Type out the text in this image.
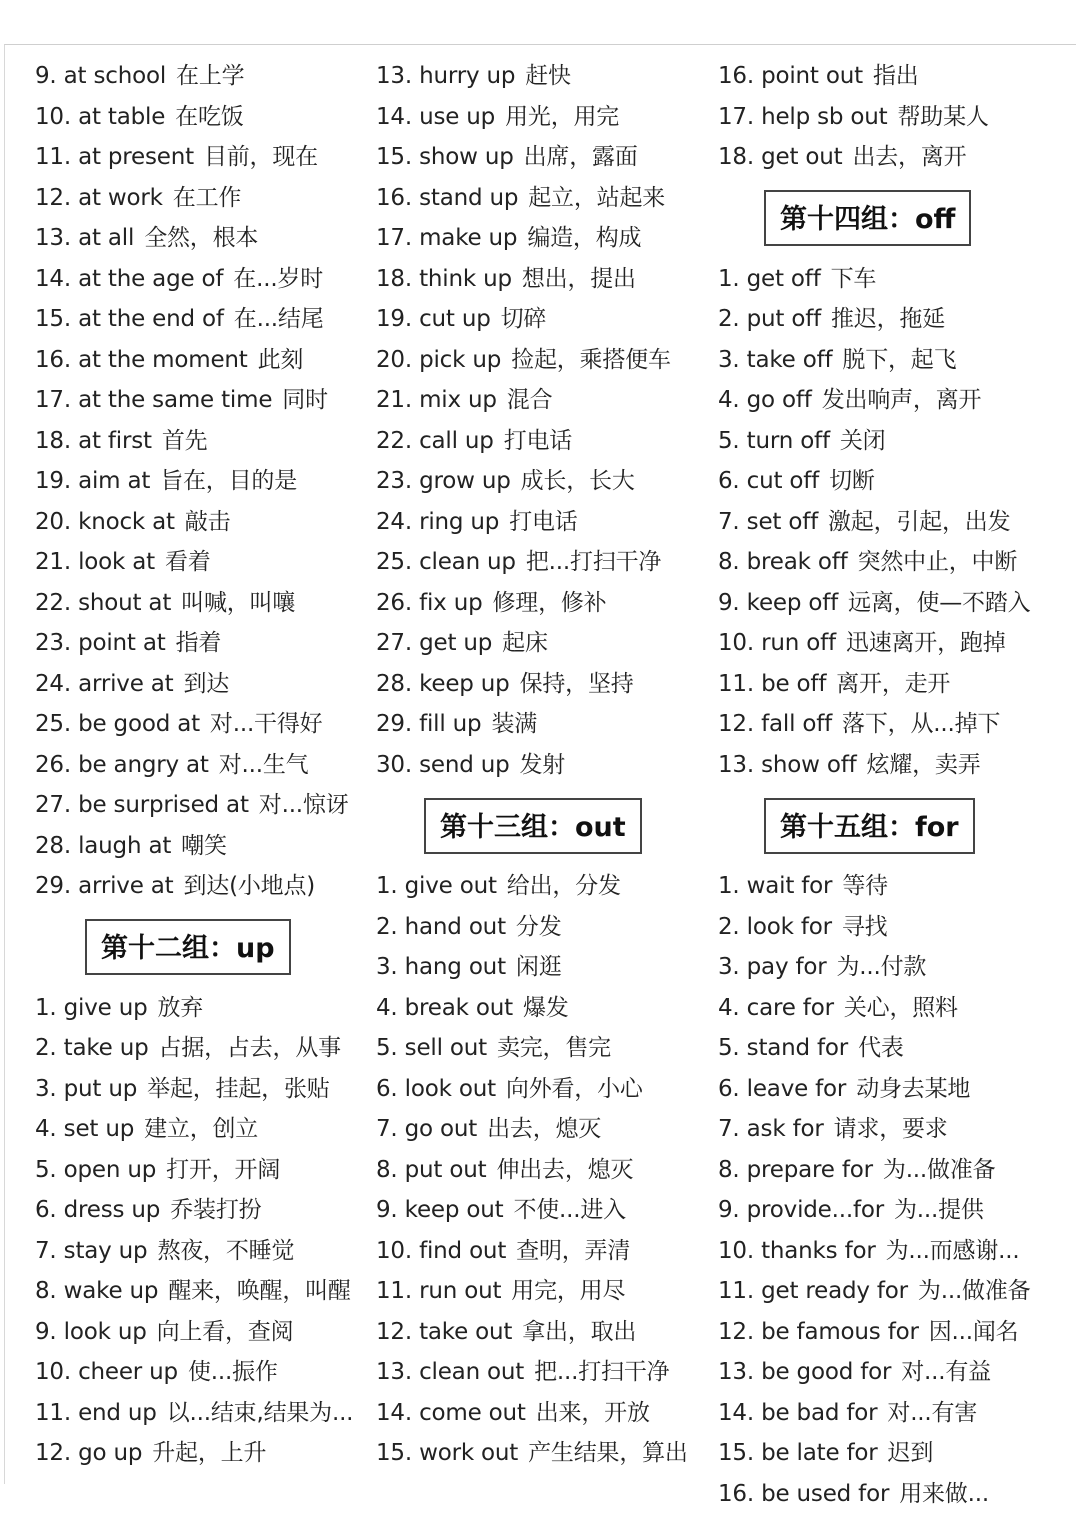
9. at school 在上学
10. at table 在吃饭
11. at present 目前，现在
12. at work 在工作
13. at all 全然，根本
14. at the age of 在...岁时
15. at the end of 在...结尾
16. at the moment 此刻
17. at the same time 同时
18. at first 首先
19. aim at 旨在，目的是
20. knock at 敲击
21. look at 看着
22. shout at 叫喊，叫嚷
23. point at 指着
24. arrive at 到达
25. be good at 对...干得好
26. be angry at 对...生气
27. be surprised at 对...惊讶
28. laugh at 嘲笑
29. arrive at 到达(小地点)
第十二组：up
1. give up 放弃
2. take up 占据，占去，从事
3. put up 举起，挂起，张贴
4. set up 建立，创立
5. open up 打开，开阔
6. dress up 乔装打扮
7. stay up 熬夜，不睡觉
8. wake up 醒来，唤醒，叫醒
9. look up 向上看，查阅
10. cheer up 使...振作
11. end up 以...结束,结果为...
12. go up 升起，上升
13. hurry up 赶快
14. use up 用光，用完
15. show up 出席，露面
16. stand up 起立，站起来
17. make up 编造，构成
18. think up 想出，提出
19. cut up 切碎
20. pick up 捡起，乘搭便车
21. mix up 混合
22. call up 打电话
23. grow up 成长，长大
24. ring up 打电话
25. clean up 把...打扫干净
26. fix up 修理，修补
27. get up 起床
28. keep up 保持，坚持
29. fill up 装满
30. send up 发射
第十三组：out
1. give out 给出，分发
2. hand out 分发
3. hang out 闲逛
4. break out 爆发
5. sell out 卖完，售完
6. look out 向外看，小心
7. go out 出去，熄灭
8. put out 伸出去，熄灭
9. keep out 不使...进入
10. find out 查明，弄清
11. run out 用完，用尽
12. take out 拿出，取出
13. clean out 把...打扫干净
14. come out 出来，开放
15. work out 产生结果，算出
16. point out 指出
17. help sb out 帮助某人
18. get out 出去，离开
第十四组：off
1. get off 下车
2. put off 推迟，拖延
3. take off 脱下，起飞
4. go off 发出响声，离开
5. turn off 关闭
6. cut off 切断
7. set off 激起，引起，出发
8. break off 突然中止，中断
9. keep off 远离，使—不踏入
10. run off 迅速离开，跑掉
11. be off 离开，走开
12. fall off 落下，从...掉下
13. show off 炫耀，卖弄
第十五组：for
1. wait for 等待
2. look for 寻找
3. pay for 为...付款
4. care for 关心，照料
5. stand for 代表
6. leave for 动身去某地
7. ask for 请求，要求
8. prepare for 为...做准备
9. provide...for 为...提供
10. thanks for 为...而感谢...
11. get ready for 为...做准备
12. be famous for 因...闻名
13. be good for 对...有益
14. be bad for 对...有害
15. be late for 迟到
16. be used for 用来做...
